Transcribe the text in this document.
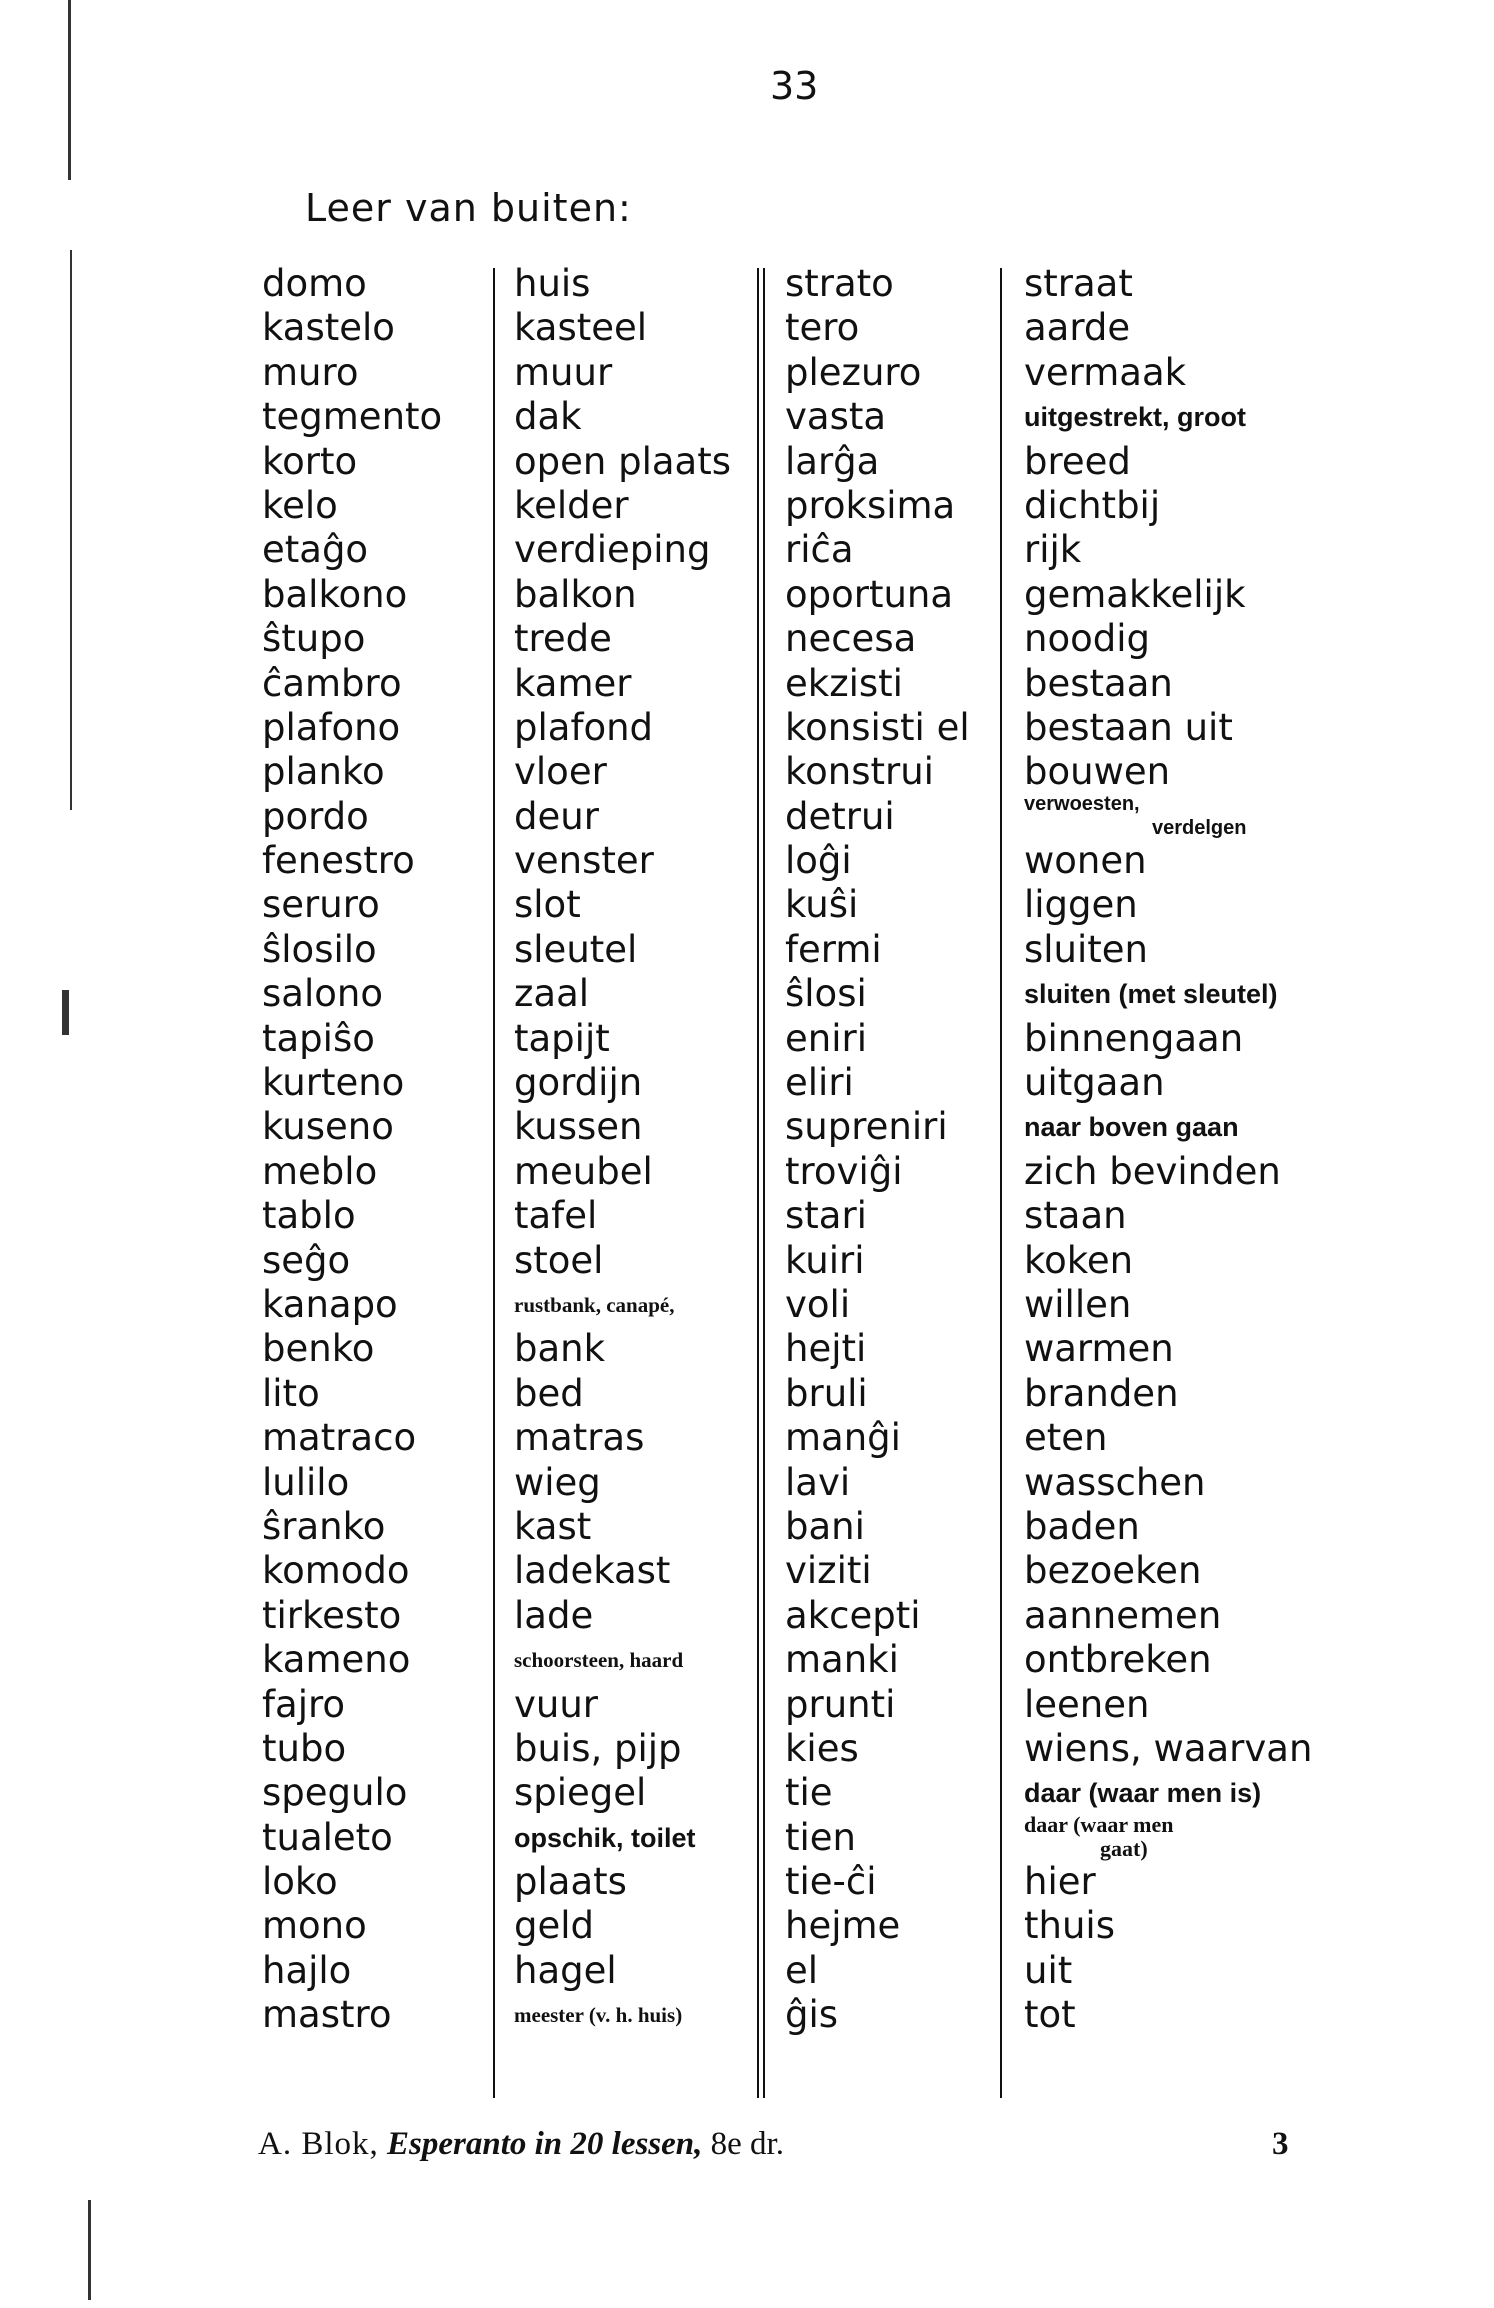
33
Leer van buiten:
domo
kastelo
muro
tegmento
korto
kelo
etaĝo
balkono
ŝtupo
ĉambro
plafono
planko
pordo
fenestro
seruro
ŝlosilo
salono
tapiŝo
kurteno
kuseno
meblo
tablo
seĝo
kanapo
benko
lito
matraco
lulilo
ŝranko
komodo
tirkesto
kameno
fajro
tubo
spegulo
tualeto
loko
mono
hajlo
mastro
huis
kasteel
muur
dak
open plaats
kelder
verdieping
balkon
trede
kamer
plafond
vloer
deur
venster
slot
sleutel
zaal
tapijt
gordijn
kussen
meubel
tafel
stoel
rustbank, canapé,
bank
bed
matras
wieg
kast
ladekast
lade
schoorsteen, haard
vuur
buis, pijp
spiegel
opschik, toilet
plaats
geld
hagel
meester (v. h. huis)
strato
tero
plezuro
vasta
larĝa
proksima
riĉa
oportuna
necesa
ekzisti
konsisti el
konstrui
detrui
loĝi
kuŝi
fermi
ŝlosi
eniri
eliri
supreniri
troviĝi
stari
kuiri
voli
hejti
bruli
manĝi
lavi
bani
viziti
akcepti
manki
prunti
kies
tie
tien
tie-ĉi
hejme
el
ĝis
straat
aarde
vermaak
uitgestrekt, groot
breed
dichtbij
rijk
gemakkelijk
noodig
bestaan
bestaan uit
bouwen
verwoesten,
verdelgen
wonen
liggen
sluiten
sluiten (met sleutel)
binnengaan
uitgaan
naar boven gaan
zich bevinden
staan
koken
willen
warmen
branden
eten
wasschen
baden
bezoeken
aannemen
ontbreken
leenen
wiens, waarvan
daar (waar men is)
daar (waar men
gaat)
hier
thuis
uit
tot
A. Blok, Esperanto in 20 lessen, 8e dr.	3
